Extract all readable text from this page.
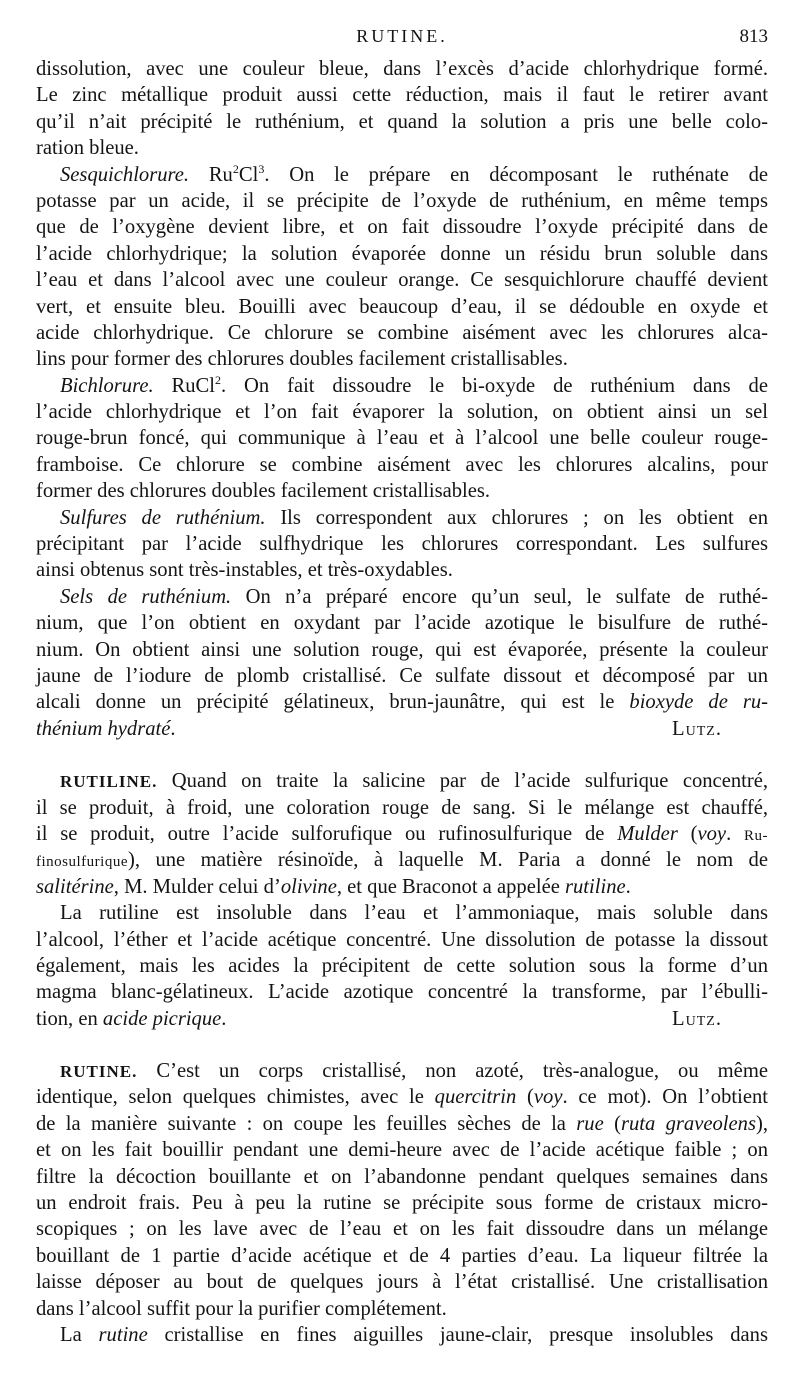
RUTINE.	813
dissolution, avec une couleur bleue, dans l’excès d’acide chlorhydrique formé.
Le zinc métallique produit aussi cette réduction, mais il faut le retirer avant
qu’il n’ait précipité le ruthénium, et quand la solution a pris une belle colo-
ration bleue.
Sesquichlorure. Ru$^2$Cl$^3$. On le prépare en décomposant le ruthénate de
potasse par un acide, il se précipite de l’oxyde de ruthénium, en même temps
que de l’oxygène devient libre, et on fait dissoudre l’oxyde précipité dans de
l’acide chlorhydrique; la solution évaporée donne un résidu brun soluble dans
l’eau et dans l’alcool avec une couleur orange. Ce sesquichlorure chauffé devient
vert, et ensuite bleu. Bouilli avec beaucoup d’eau, il se dédouble en oxyde et
acide chlorhydrique. Ce chlorure se combine aisément avec les chlorures alca-
lins pour former des chlorures doubles facilement cristallisables.
Bichlorure. RuCl$^2$. On fait dissoudre le bi-oxyde de ruthénium dans de
l’acide chlorhydrique et l’on fait évaporer la solution, on obtient ainsi un sel
rouge-brun foncé, qui communique à l’eau et à l’alcool une belle couleur rouge-
framboise. Ce chlorure se combine aisément avec les chlorures alcalins, pour
former des chlorures doubles facilement cristallisables.
Sulfures de ruthénium. Ils correspondent aux chlorures ; on les obtient en
précipitant par l’acide sulfhydrique les chlorures correspondant. Les sulfures
ainsi obtenus sont très-instables, et très-oxydables.
Sels de ruthénium. On n’a préparé encore qu’un seul, le sulfate de ruthé-
nium, que l’on obtient en oxydant par l’acide azotique le bisulfure de ruthé-
nium. On obtient ainsi une solution rouge, qui est évaporée, présente la couleur
jaune de l’iodure de plomb cristallisé. Ce sulfate dissout et décomposé par un
alcali donne un précipité gélatineux, brun-jaunâtre, qui est le bioxyde de ru-
thénium hydraté.	Lutz.
RUTILINE. Quand on traite la salicine par de l’acide sulfurique concentré,
il se produit, à froid, une coloration rouge de sang. Si le mélange est chauffé,
il se produit, outre l’acide sulforufique ou rufinosulfurique de Mulder (voy. Ru-
finosulfurique), une matière résinoïde, à laquelle M. Paria a donné le nom de
salitérine, M. Mulder celui d’olivine, et que Braconot a appelée rutiline.
La rutiline est insoluble dans l’eau et l’ammoniaque, mais soluble dans
l’alcool, l’éther et l’acide acétique concentré. Une dissolution de potasse la dissout
également, mais les acides la précipitent de cette solution sous la forme d’un
magma blanc-gélatineux. L’acide azotique concentré la transforme, par l’ébulli-
tion, en acide picrique.	Lutz.
RUTINE. C’est un corps cristallisé, non azoté, très-analogue, ou même
identique, selon quelques chimistes, avec le quercitrin (voy. ce mot). On l’obtient
de la manière suivante : on coupe les feuilles sèches de la rue (ruta graveolens),
et on les fait bouillir pendant une demi-heure avec de l’acide acétique faible ; on
filtre la décoction bouillante et on l’abandonne pendant quelques semaines dans
un endroit frais. Peu à peu la rutine se précipite sous forme de cristaux micro-
scopiques ; on les lave avec de l’eau et on les fait dissoudre dans un mélange
bouillant de 1 partie d’acide acétique et de 4 parties d’eau. La liqueur filtrée la
laisse déposer au bout de quelques jours à l’état cristallisé. Une cristallisation
dans l’alcool suffit pour la purifier complétement.
La rutine cristallise en fines aiguilles jaune-clair, presque insolubles dans
